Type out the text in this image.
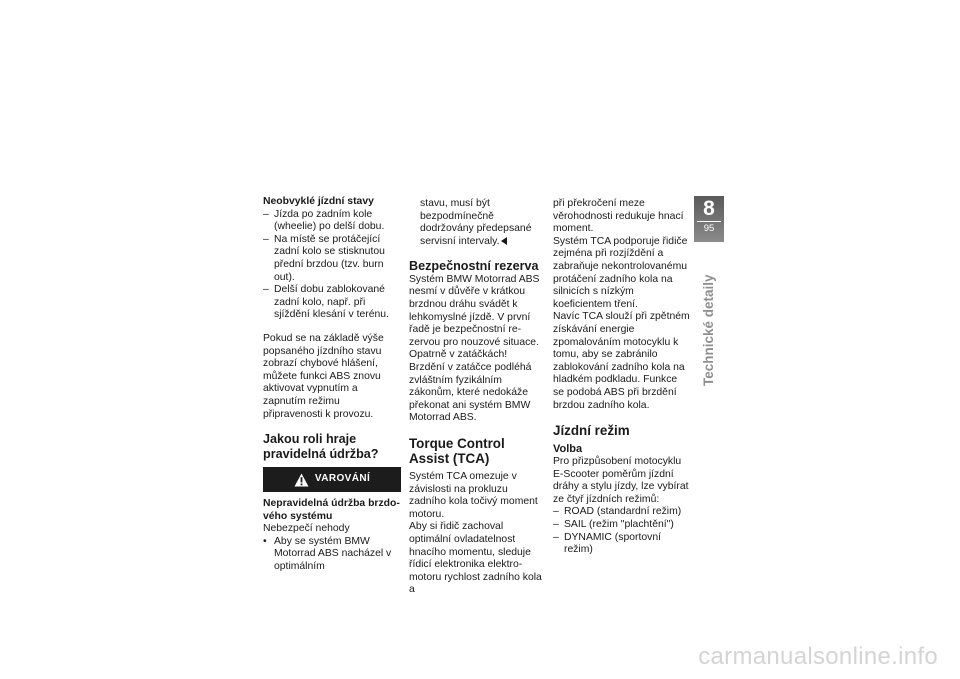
Neobvyklé jízdní stavy

– Jízda po zadním kole (wheelie) po delší dobu.
– Na místě se protáčející zadní kolo se stisknutou přední brzdou (tzv. burn out).
– Delší dobu zablokované zadní kolo, např. při sjíždění klesání v terénu.

Pokud se na základě výše popsaného jízdního stavu zobrazí chybové hlášení, můžete funkci ABS znovu aktivovat vypnutím a zapnutím režimu připravenosti k provozu.

Jakou roli hraje pravidelná údržba?

VAROVÁNÍ

Nepravidelná údržba brzdového systému

Nebezpečí nehody

• Aby se systém BMW Motorrad ABS nacházel v optimálním

stavu, musí být bezpodmínečně dodržovány předepsané servisní intervaly.

Bezpečnostní rezerva

Systém BMW Motorrad ABS nesmí v důvěře v krátkou brzdnou dráhu svádět k lehkomyslné jízdě. V první řadě je bezpečnostní rezervou pro nouzové situace.

Opatrně v zatáčkách! Brzdění v zatáčce podléhá zvláštním fyzikálním zákonům, které nedokáže překonat ani systém BMW Motorrad ABS.

Torque Control Assist (TCA)

Systém TCA omezuje v závislosti na prokluzu zadního kola točivý moment motoru.

Aby si řidič zachoval optimální ovladatelnost hnacího momentu, sleduje řídicí elektronika elektromotoru rychlost zadního kola a

při překročení meze věrohodnosti redukuje hnací moment.

Systém TCA podporuje řidiče zejména při rozjíždění a zabraňuje nekontrolovanému protáčení zadního kola na silnicích s nízkým koeficientem tření.

Navíc TCA slouží při zpětném získávání energie zpomalováním motocyklu k tomu, aby se zabránilo zablokování zadního kola na hladkém podkladu. Funkce se podobá ABS při brzdění brzdou zadního kola.

Jízdní režim

Volba

Pro přizpůsobení motocyklu E-Scooter poměrům jízdní dráhy a stylu jízdy, lze vybírat ze čtyř jízdních režimů:

– ROAD (standardní režim)
– SAIL (režim "plachtění")
– DYNAMIC (sportovní režim)
8
95
Technické detaily
carmanualsonline.info
